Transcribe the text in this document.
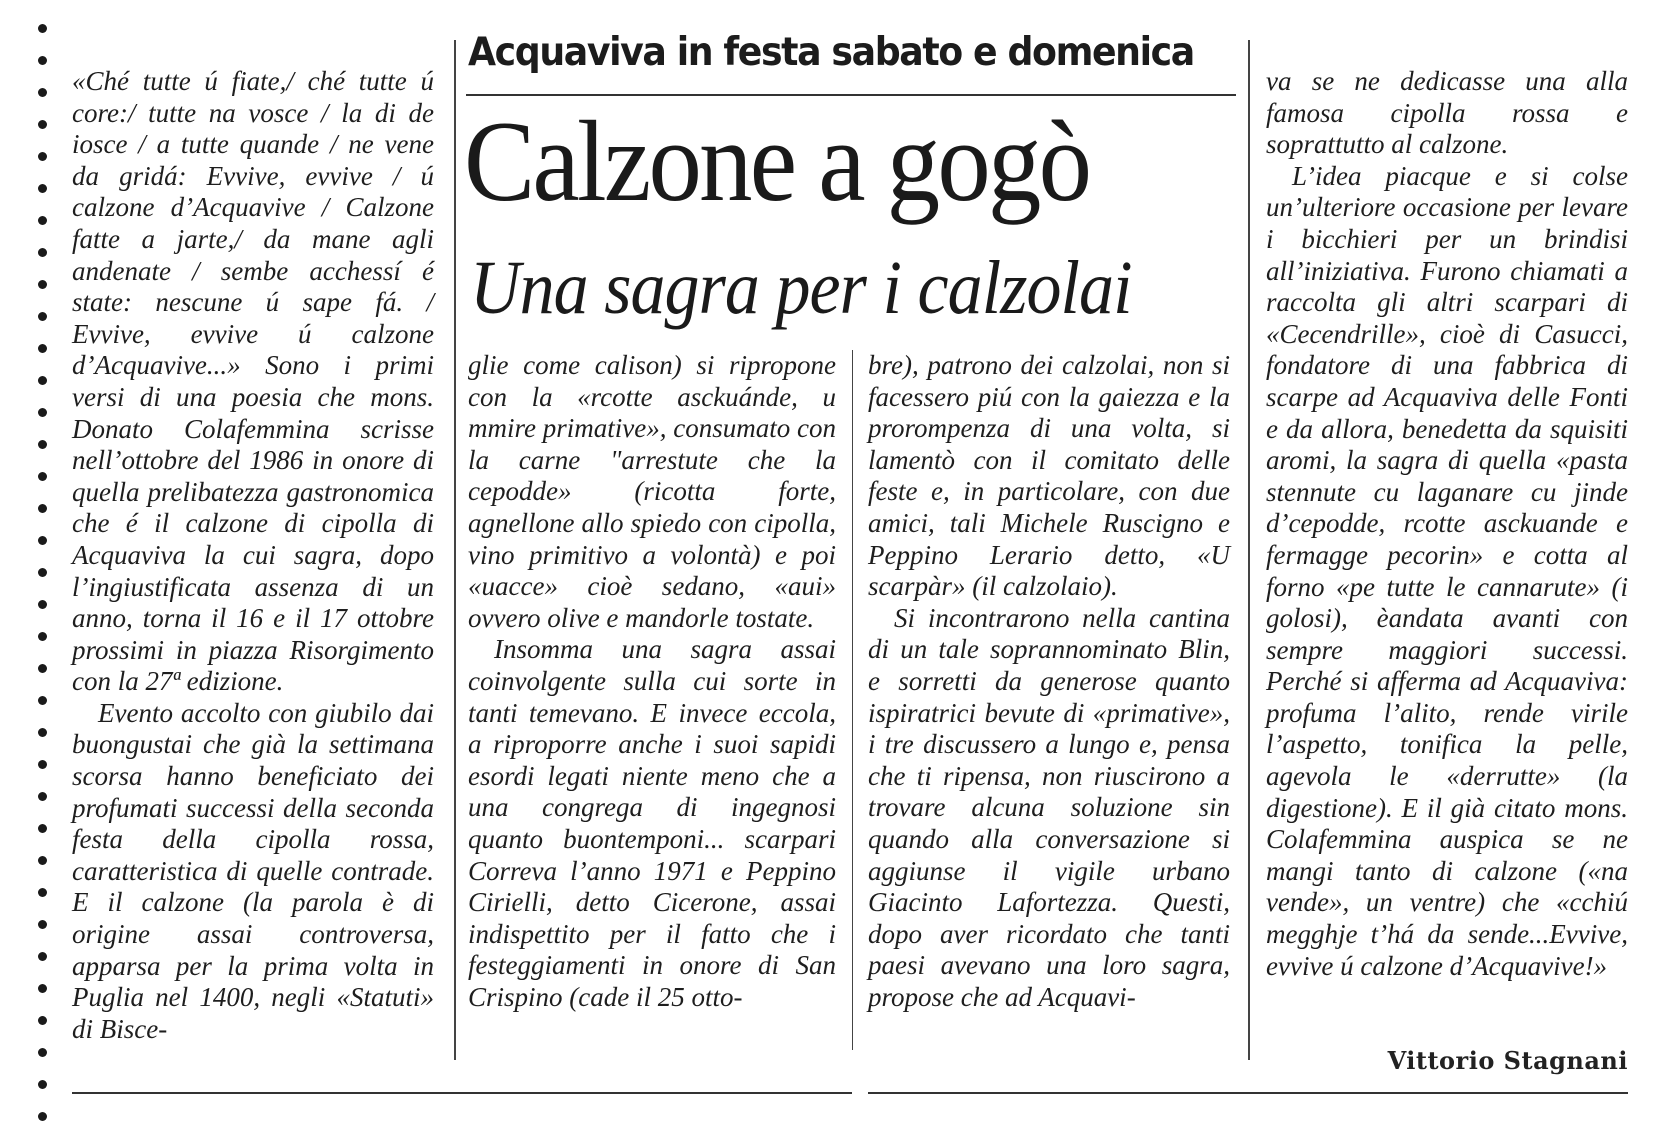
Acquaviva in festa sabato e domenica
Calzone a gogò
Una sagra per i calzolai

«Ché tutte ú fiate,/ ché tutte ú core:/ tutte na vosce / la di de iosce / a tutte quande / ne vene da gridá: Evvive, evvive / ú calzone d’Acquavive / Calzone fatte a jarte,/ da mane agli andenate / sembe acchessí é state: nescune ú sape fá. / Evvive, evvive ú calzone d’Acquavive...» Sono i primi versi di una poesia che mons. Donato Colafemmina scrisse nell’ottobre del 1986 in onore di quella prelibatezza gastronomica che é il calzone di cipolla di Acquaviva la cui sagra, dopo l’ingiustificata assenza di un anno, torna il 16 e il 17 ottobre prossimi in piazza Risorgimento con la 27ª edizione.

Evento accolto con giubilo dai buongustai che già la settimana scorsa hanno beneficiato dei profumati successi della seconda festa della cipolla rossa, caratteristica di quelle contrade. E il calzone (la parola è di origine assai controversa, apparsa per la prima volta in Puglia nel 1400, negli «Statuti» di Bisce-

glie come calison) si ripropone con la «rcotte asckuánde, u mmire primative», consumato con la carne "arrestute che la cepodde» (ricotta forte, agnellone allo spiedo con cipolla, vino primitivo a volontà) e poi «uacce» cioè sedano, «aui» ovvero olive e mandorle tostate.

Insomma una sagra assai coinvolgente sulla cui sorte in tanti temevano. E invece eccola, a riproporre anche i suoi sapidi esordi legati niente meno che a una congrega di ingegnosi quanto buontemponi... scarpari Correva l’anno 1971 e Peppino Cirielli, detto Cicerone, assai indispettito per il fatto che i festeggiamenti in onore di San Crispino (cade il 25 otto-

bre), patrono dei calzolai, non si facessero piú con la gaiezza e la prorompenza di una volta, si lamentò con il comitato delle feste e, in particolare, con due amici, tali Michele Ruscigno e Peppino Lerario detto, «U scarpàr» (il calzolaio).

Si incontrarono nella cantina di un tale soprannominato Blin, e sorretti da generose quanto ispiratrici bevute di «primative», i tre discussero a lungo e, pensa che ti ripensa, non riuscirono a trovare alcuna soluzione sin quando alla conversazione si aggiunse il vigile urbano Giacinto Lafortezza. Questi, dopo aver ricordato che tanti paesi avevano una loro sagra, propose che ad Acquavi-

va se ne dedicasse una alla famosa cipolla rossa e soprattutto al calzone.

L’idea piacque e si colse un’ulteriore occasione per levare i bicchieri per un brindisi all’iniziativa. Furono chiamati a raccolta gli altri scarpari di «Cecendrille», cioè di Casucci, fondatore di una fabbrica di scarpe ad Acquaviva delle Fonti e da allora, benedetta da squisiti aromi, la sagra di quella «pasta stennute cu laganare cu jinde d’cepodde, rcotte asckuande e fermagge pecorin» e cotta al forno «pe tutte le cannarute» (i golosi), èandata avanti con sempre maggiori successi. Perché si afferma ad Acquaviva: profuma l’alito, rende virile l’aspetto, tonifica la pelle, agevola le «derrutte» (la digestione). E il già citato mons. Colafemmina auspica se ne mangi tanto di calzone («na vende», un ventre) che «cchiú megghje t’há da sende...Evvive, evvive ú calzone d’Acquavive!»

Vittorio Stagnani
